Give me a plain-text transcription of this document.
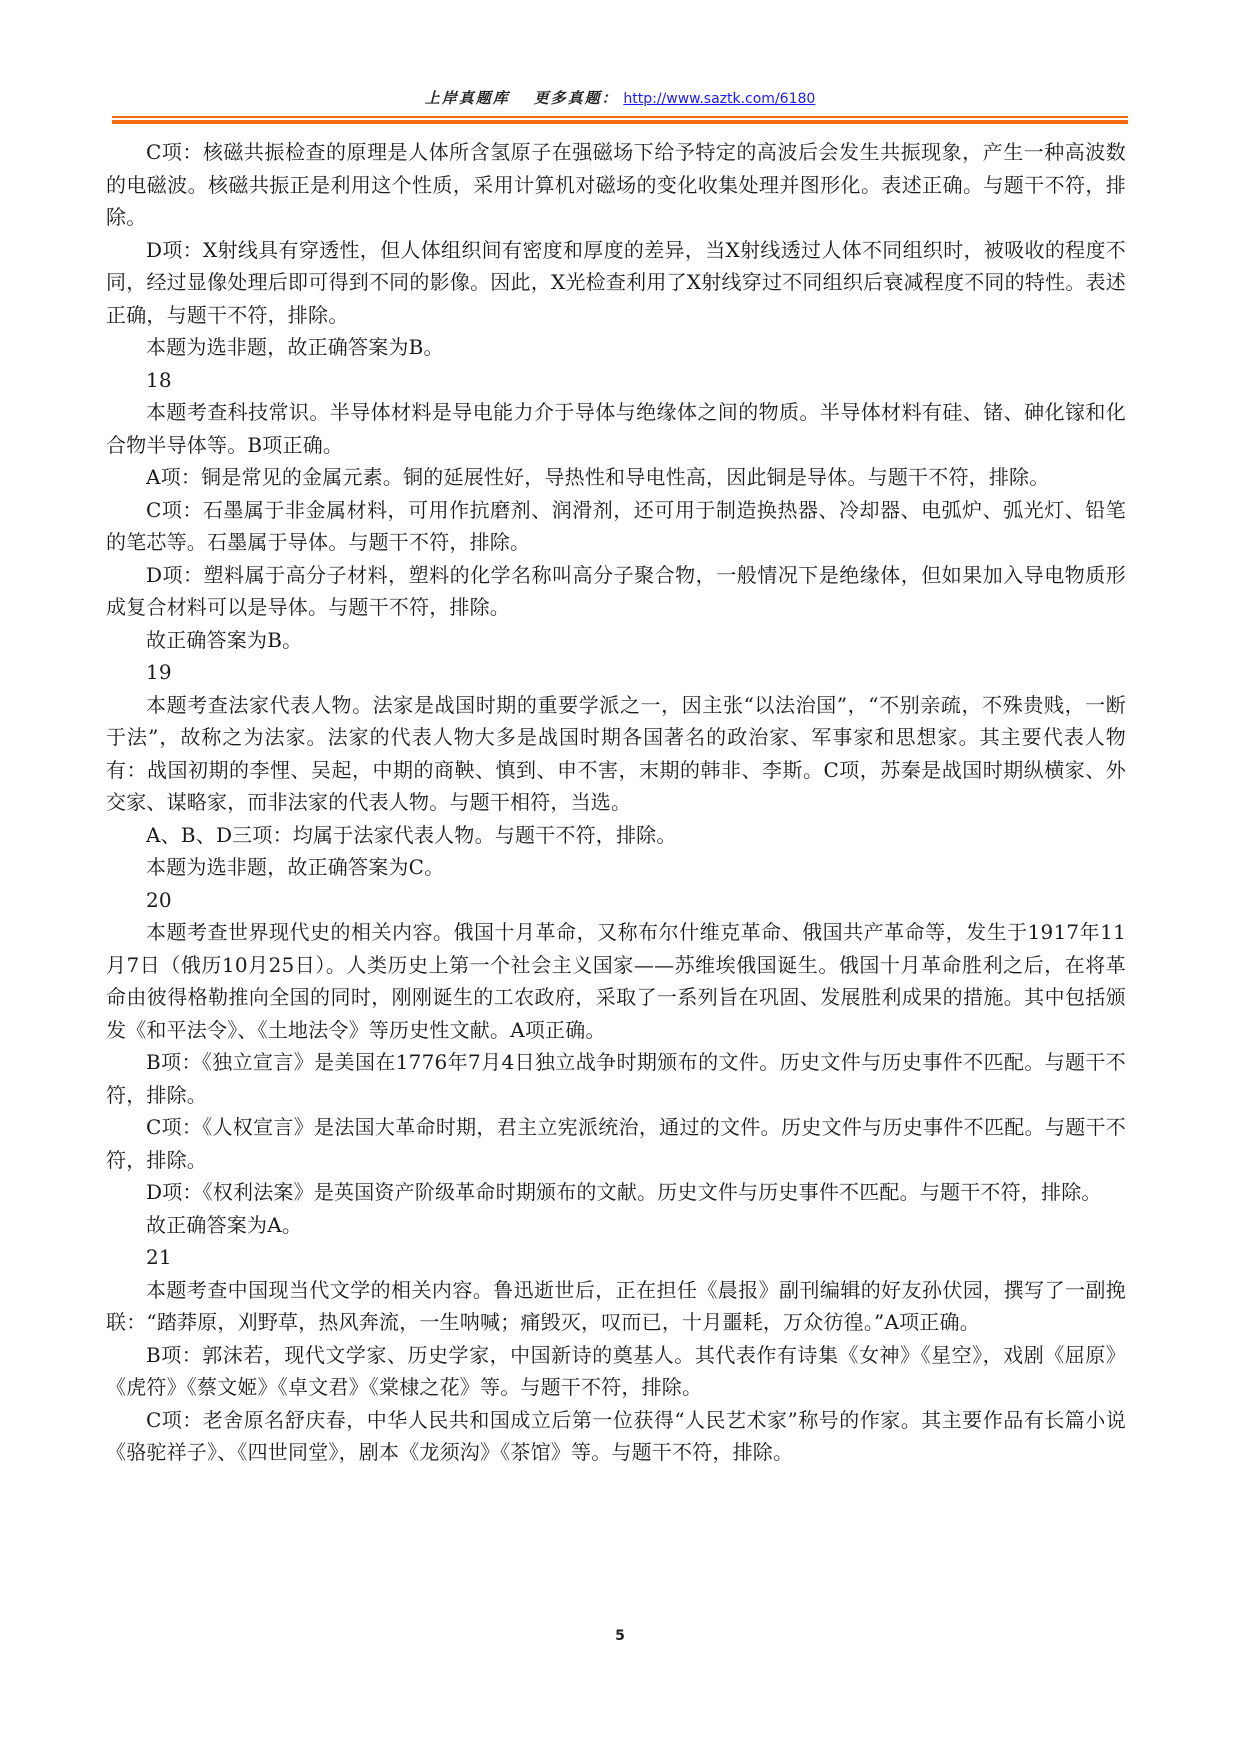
上岸真题库 更多真题： http://www.saztk.com/6180

C项：核磁共振检查的原理是人体所含氢原子在强磁场下给予特定的高波后会发生共振现象，产生一种高波数的电磁波。核磁共振正是利用这个性质，采用计算机对磁场的变化收集处理并图形化。表述正确。与题干不符，排除。

D项：X射线具有穿透性，但人体组织间有密度和厚度的差异，当X射线透过人体不同组织时，被吸收的程度不同，经过显像处理后即可得到不同的影像。因此，X光检查利用了X射线穿过不同组织后衰减程度不同的特性。表述正确，与题干不符，排除。

本题为选非题，故正确答案为B。

18

本题考查科技常识。半导体材料是导电能力介于导体与绝缘体之间的物质。半导体材料有硅、锗、砷化镓和化合物半导体等。B项正确。

A项：铜是常见的金属元素。铜的延展性好，导热性和导电性高，因此铜是导体。与题干不符，排除。

C项：石墨属于非金属材料，可用作抗磨剂、润滑剂，还可用于制造换热器、冷却器、电弧炉、弧光灯、铅笔的笔芯等。石墨属于导体。与题干不符，排除。

D项：塑料属于高分子材料，塑料的化学名称叫高分子聚合物，一般情况下是绝缘体，但如果加入导电物质形成复合材料可以是导体。与题干不符，排除。

故正确答案为B。

19

本题考查法家代表人物。法家是战国时期的重要学派之一，因主张“以法治国”，“不别亲疏，不殊贵贱，一断于法”，故称之为法家。法家的代表人物大多是战国时期各国著名的政治家、军事家和思想家。其主要代表人物有：战国初期的李悝、吴起，中期的商鞅、慎到、申不害，末期的韩非、李斯。C项，苏秦是战国时期纵横家、外交家、谋略家，而非法家的代表人物。与题干相符，当选。

A、B、D三项：均属于法家代表人物。与题干不符，排除。

本题为选非题，故正确答案为C。

20

本题考查世界现代史的相关内容。俄国十月革命，又称布尔什维克革命、俄国共产革命等，发生于1917年11月7日（俄历10月25日）。人类历史上第一个社会主义国家——苏维埃俄国诞生。俄国十月革命胜利之后，在将革命由彼得格勒推向全国的同时，刚刚诞生的工农政府，采取了一系列旨在巩固、发展胜利成果的措施。其中包括颁发《和平法令》、《土地法令》等历史性文献。A项正确。

B项：《独立宣言》是美国在1776年7月4日独立战争时期颁布的文件。历史文件与历史事件不匹配。与题干不符，排除。

C项：《人权宣言》是法国大革命时期，君主立宪派统治，通过的文件。历史文件与历史事件不匹配。与题干不符，排除。

D项：《权利法案》是英国资产阶级革命时期颁布的文献。历史文件与历史事件不匹配。与题干不符，排除。

故正确答案为A。

21

本题考查中国现当代文学的相关内容。鲁迅逝世后，正在担任《晨报》副刊编辑的好友孙伏园，撰写了一副挽联：“踏莽原，刈野草，热风奔流，一生呐喊；痛毁灭，叹而已，十月噩耗，万众彷徨。”A项正确。

B项：郭沫若，现代文学家、历史学家，中国新诗的奠基人。其代表作有诗集《女神》《星空》，戏剧《屈原》《虎符》《蔡文姬》《卓文君》《棠棣之花》等。与题干不符，排除。

C项：老舍原名舒庆春，中华人民共和国成立后第一位获得“人民艺术家”称号的作家。其主要作品有长篇小说《骆驼祥子》、《四世同堂》，剧本《龙须沟》《茶馆》等。与题干不符，排除。

5
